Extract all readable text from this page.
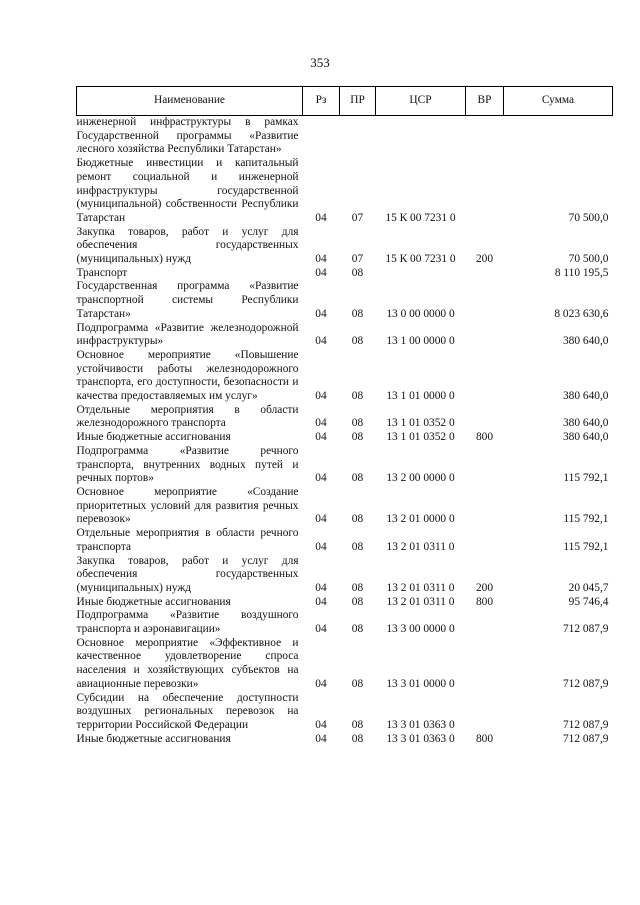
353
Наименование	Рз	ПР	ЦСР	ВР	Сумма
инженерной инфраструктуры в рамках Государственной программы «Развитие лесного хозяйства Республики Татарстан»					
Бюджетные инвестиции и капитальный ремонт социальной и инженерной инфраструктуры государственной (муниципальной) собственности Республики Татарстан	04	07	15 К 00 7231 0		70 500,0
Закупка товаров, работ и услуг для обеспечения государственных (муниципальных) нужд	04	07	15 К 00 7231 0	200	70 500,0
Транспорт	04	08			8 110 195,5
Государственная программа «Развитие транспортной системы Республики Татарстан»	04	08	13 0 00 0000 0		8 023 630,6
Подпрограмма «Развитие железнодорожной инфраструктуры»	04	08	13 1 00 0000 0		380 640,0
Основное мероприятие «Повышение устойчивости работы железнодорожного транспорта, его доступности, безопасности и качества предоставляемых им услуг»	04	08	13 1 01 0000 0		380 640,0
Отдельные мероприятия в области железнодорожного транспорта	04	08	13 1 01 0352 0		380 640,0
Иные бюджетные ассигнования	04	08	13 1 01 0352 0	800	380 640,0
Подпрограмма «Развитие речного транспорта, внутренних водных путей и речных портов»	04	08	13 2 00 0000 0		115 792,1
Основное мероприятие «Создание приоритетных условий для развития речных перевозок»	04	08	13 2 01 0000 0		115 792,1
Отдельные мероприятия в области речного транспорта	04	08	13 2 01 0311 0		115 792,1
Закупка товаров, работ и услуг для обеспечения государственных (муниципальных) нужд	04	08	13 2 01 0311 0	200	20 045,7
Иные бюджетные ассигнования	04	08	13 2 01 0311 0	800	95 746,4
Подпрограмма «Развитие воздушного транспорта и аэронавигации»	04	08	13 3 00 0000 0		712 087,9
Основное мероприятие «Эффективное и качественное удовлетворение спроса населения и хозяйствующих субъектов на авиационные перевозки»	04	08	13 3 01 0000 0		712 087,9
Субсидии на обеспечение доступности воздушных региональных перевозок на территории Российской Федерации	04	08	13 3 01 0363 0		712 087,9
Иные бюджетные ассигнования	04	08	13 3 01 0363 0	800	712 087,9
